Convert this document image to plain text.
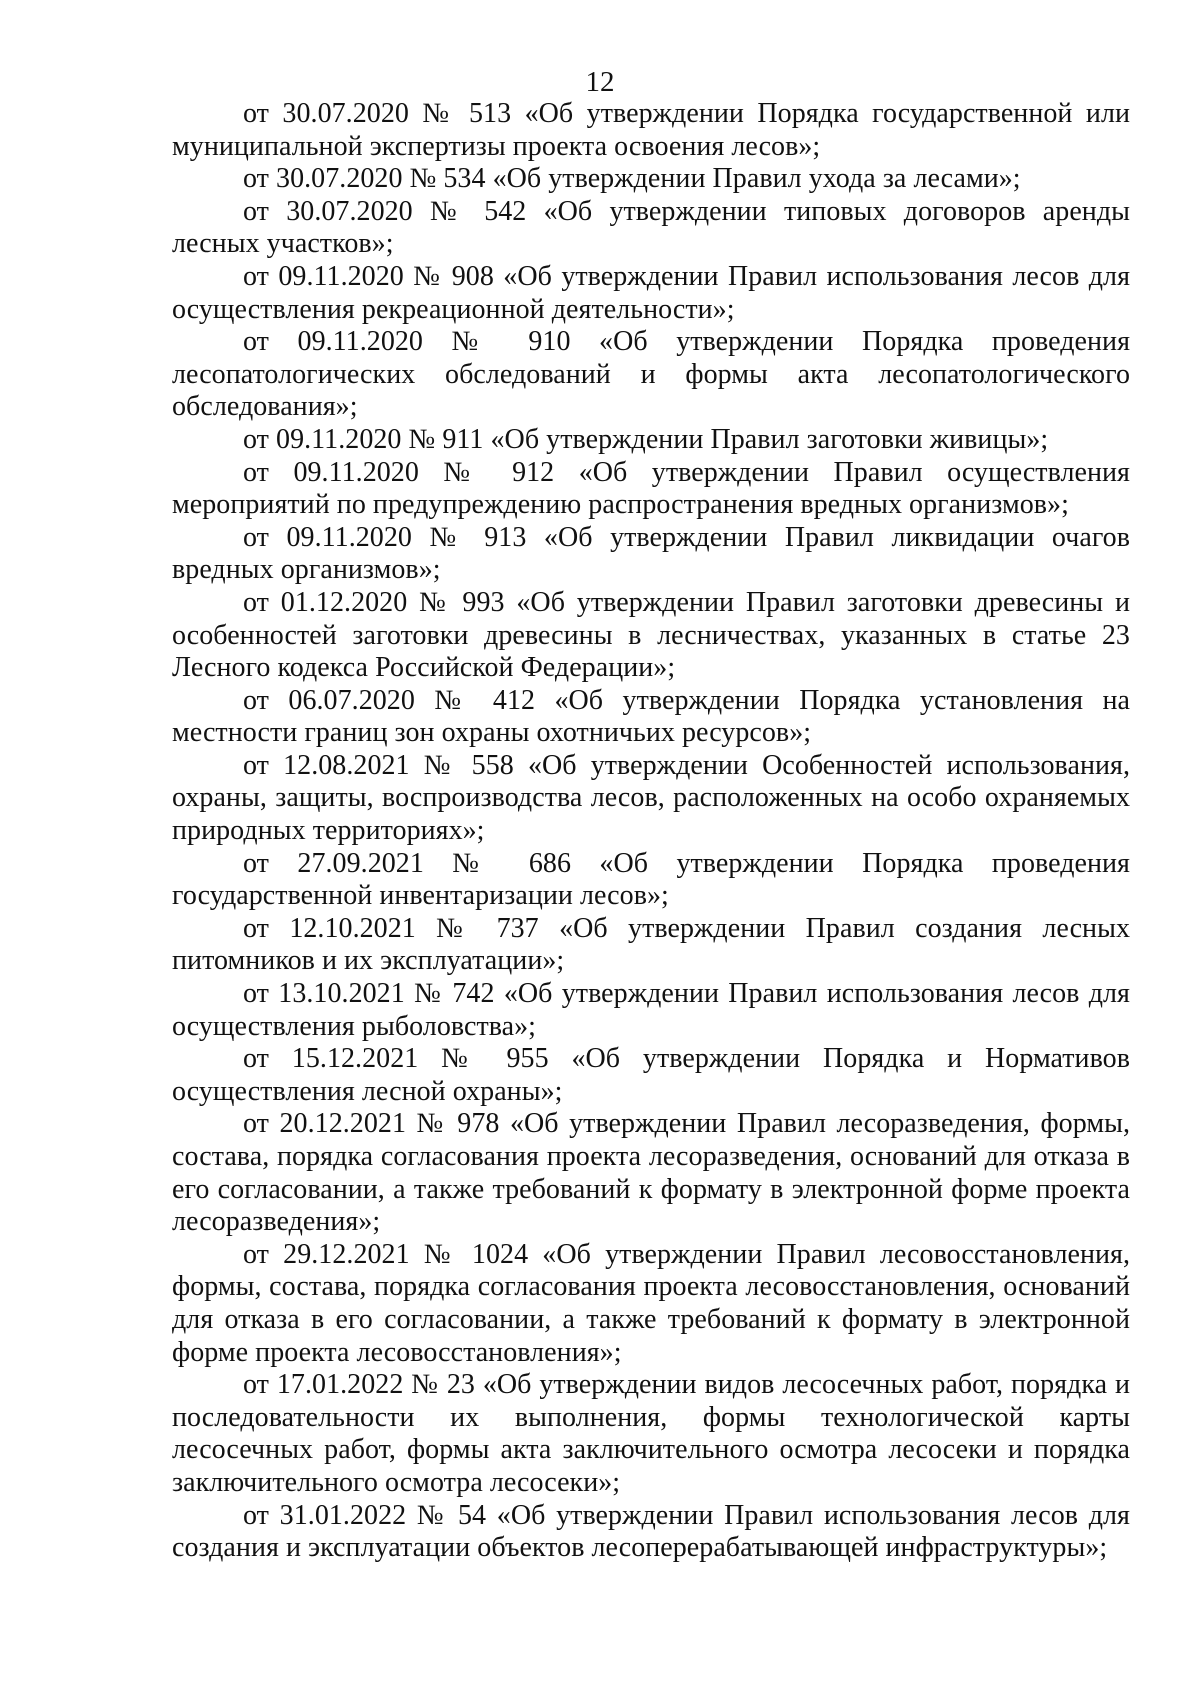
12

от 30.07.2020 № 513 «Об утверждении Порядка государственной или муниципальной экспертизы проекта освоения лесов»;

от 30.07.2020 № 534 «Об утверждении Правил ухода за лесами»;

от 30.07.2020 № 542 «Об утверждении типовых договоров аренды лесных участков»;

от 09.11.2020 № 908 «Об утверждении Правил использования лесов для осуществления рекреационной деятельности»;

от 09.11.2020 № 910 «Об утверждении Порядка проведения лесопатологических обследований и формы акта лесопатологического обследования»;

от 09.11.2020 № 911 «Об утверждении Правил заготовки живицы»;

от 09.11.2020 № 912 «Об утверждении Правил осуществления мероприятий по предупреждению распространения вредных организмов»;

от 09.11.2020 № 913 «Об утверждении Правил ликвидации очагов вредных организмов»;

от 01.12.2020 № 993 «Об утверждении Правил заготовки древесины и особенностей заготовки древесины в лесничествах, указанных в статье 23 Лесного кодекса Российской Федерации»;

от 06.07.2020 № 412 «Об утверждении Порядка установления на местности границ зон охраны охотничьих ресурсов»;

от 12.08.2021 № 558 «Об утверждении Особенностей использования, охраны, защиты, воспроизводства лесов, расположенных на особо охраняемых природных территориях»;

от 27.09.2021 № 686 «Об утверждении Порядка проведения государственной инвентаризации лесов»;

от 12.10.2021 № 737 «Об утверждении Правил создания лесных питомников и их эксплуатации»;

от 13.10.2021 № 742 «Об утверждении Правил использования лесов для осуществления рыболовства»;

от 15.12.2021 № 955 «Об утверждении Порядка и Нормативов осуществления лесной охраны»;

от 20.12.2021 № 978 «Об утверждении Правил лесоразведения, формы, состава, порядка согласования проекта лесоразведения, оснований для отказа в его согласовании, а также требований к формату в электронной форме проекта лесоразведения»;

от 29.12.2021 № 1024 «Об утверждении Правил лесовосстановления, формы, состава, порядка согласования проекта лесовосстановления, оснований для отказа в его согласовании, а также требований к формату в электронной форме проекта лесовосстановления»;

от 17.01.2022 № 23 «Об утверждении видов лесосечных работ, порядка и последовательности их выполнения, формы технологической карты лесосечных работ, формы акта заключительного осмотра лесосеки и порядка заключительного осмотра лесосеки»;

от 31.01.2022 № 54 «Об утверждении Правил использования лесов для создания и эксплуатации объектов лесоперерабатывающей инфраструктуры»;
